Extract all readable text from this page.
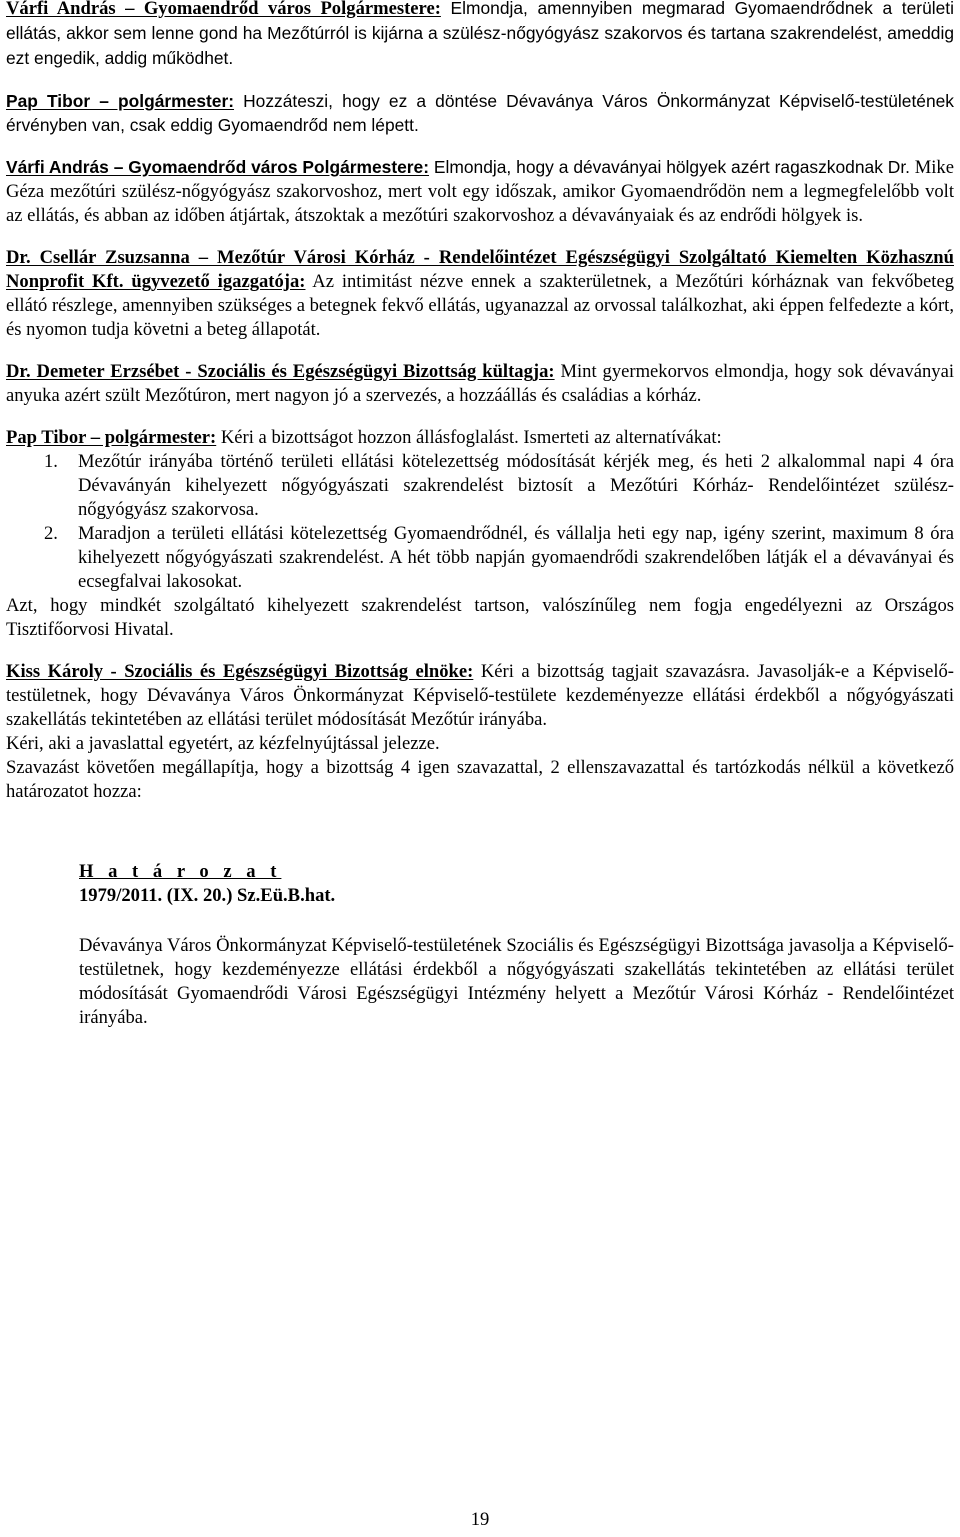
Várfi András – Gyomaendrőd város Polgármestere: Elmondja, amennyiben megmarad Gyomaendrődnek a területi ellátás, akkor sem lenne gond ha Mezőtúrról is kijárna a szülész-nőgyógyász szakorvos és tartana szakrendelést, ameddig ezt engedik, addig működhet.

Pap Tibor – polgármester: Hozzáteszi, hogy ez a döntése Dévaványa Város Önkormányzat Képviselő-testületének érvényben van, csak eddig Gyomaendrőd nem lépett.

Várfi András – Gyomaendrőd város Polgármestere: Elmondja, hogy a dévaványai hölgyek azért ragaszkodnak Dr. Mike Géza mezőtúri szülész-nőgyógyász szakorvoshoz, mert volt egy időszak, amikor Gyomaendrődön nem a legmegfelelőbb volt az ellátás, és abban az időben átjártak, átszoktak a mezőtúri szakorvoshoz a dévaványaiak és az endrődi hölgyek is.

Dr. Csellár Zsuzsanna – Mezőtúr Városi Kórház - Rendelőintézet Egészségügyi Szolgáltató Kiemelten Közhasznú Nonprofit Kft. ügyvezető igazgatója: Az intimitást nézve ennek a szakterületnek, a Mezőtúri kórháznak van fekvőbeteg ellátó részlege, amennyiben szükséges a betegnek fekvő ellátás, ugyanazzal az orvossal találkozhat, aki éppen felfedezte a kórt, és nyomon tudja követni a beteg állapotát.

Dr. Demeter Erzsébet - Szociális és Egészségügyi Bizottság kültagja: Mint gyermekorvos elmondja, hogy sok dévaványai anyuka azért szült Mezőtúron, mert nagyon jó a szervezés, a hozzáállás és családias a kórház.

Pap Tibor – polgármester: Kéri a bizottságot hozzon állásfoglalást. Ismerteti az alternatívákat:

1. Mezőtúr irányába történő területi ellátási kötelezettség módosítását kérjék meg, és heti 2 alkalommal napi 4 óra Dévaványán kihelyezett nőgyógyászati szakrendelést biztosít a Mezőtúri Kórház- Rendelőintézet szülész-nőgyógyász szakorvosa.
2. Maradjon a területi ellátási kötelezettség Gyomaendrődnél, és vállalja heti egy nap, igény szerint, maximum 8 óra kihelyezett nőgyógyászati szakrendelést. A hét több napján gyomaendrődi szakrendelőben látják el a dévaványai és ecsegfalvai lakosokat.

Azt, hogy mindkét szolgáltató kihelyezett szakrendelést tartson, valószínűleg nem fogja engedélyezni az Országos Tisztifőorvosi Hivatal.

Kiss Károly - Szociális és Egészségügyi Bizottság elnöke: Kéri a bizottság tagjait szavazásra. Javasolják-e a Képviselő-testületnek, hogy Dévaványa Város Önkormányzat Képviselő-testülete kezdeményezze ellátási érdekből a nőgyógyászati szakellátás tekintetében az ellátási terület módosítását Mezőtúr irányába.

Kéri, aki a javaslattal egyetért, az kézfelnyújtással jelezze.

Szavazást követően megállapítja, hogy a bizottság 4 igen szavazattal, 2 ellenszavazattal és tartózkodás nélkül a következő határozatot hozza:

H a t á r o z a t
1979/2011. (IX. 20.) Sz.Eü.B.hat.
Dévaványa Város Önkormányzat Képviselő-testületének Szociális és Egészségügyi Bizottsága javasolja a Képviselő-testületnek, hogy kezdeményezze ellátási érdekből a nőgyógyászati szakellátás tekintetében az ellátási terület módosítását Gyomaendrődi Városi Egészségügyi Intézmény helyett a Mezőtúr Városi Kórház - Rendelőintézet irányába.
19
